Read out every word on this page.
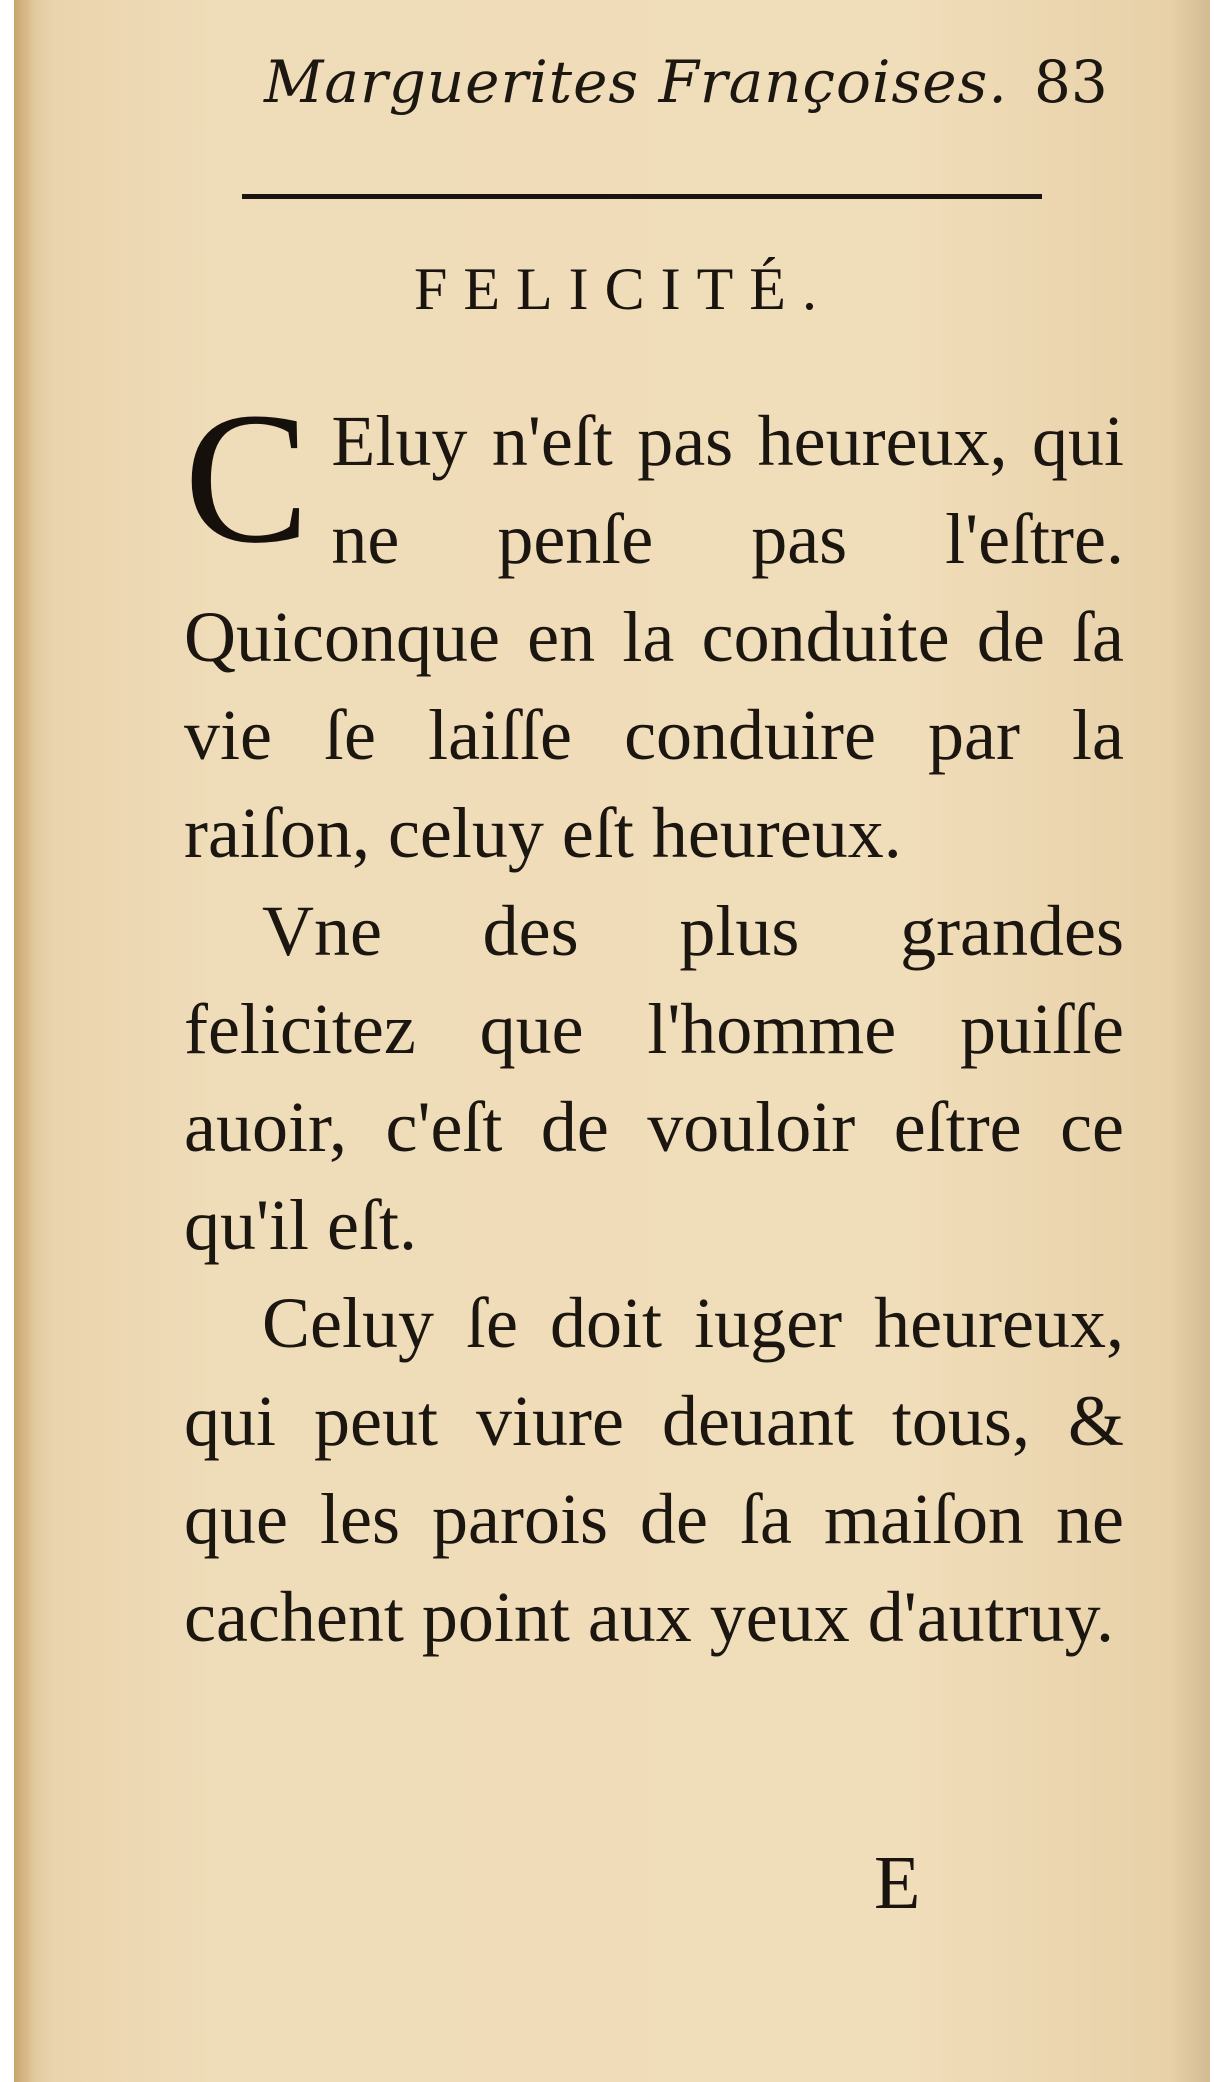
Marguerites Françoises. 83
FELICITÉ.

C Eluy n'eſt pas heureux, qui ne penſe pas l'eſtre. Quiconque en la conduite de ſa vie ſe laiſſe conduire par la raiſon, celuy eſt heureux.

Vne des plus grandes felicitez que l'homme puiſſe auoir, c'eſt de vouloir eſtre ce qu'il eſt.

Celuy ſe doit iuger heureux, qui peut viure deuant tous, & que les parois de ſa maiſon ne cachent point aux yeux d'autruy.

E
